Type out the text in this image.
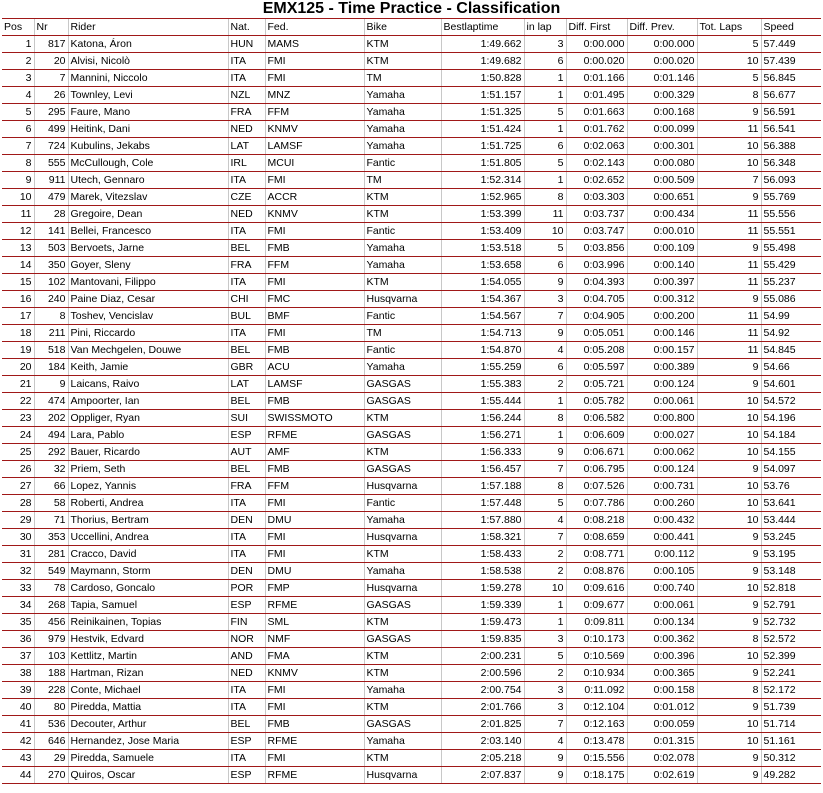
EMX125 - Time Practice - Classification
Pos	Nr	Rider	Nat.	Fed.	Bike	Bestlaptime	in lap	Diff. First	Diff. Prev.	Tot. Laps	Speed
1	817	Katona, Áron	HUN	MAMS	KTM	1:49.662	3	0:00.000	0:00.000	5	57.449
2	20	Alvisi, Nicolò	ITA	FMI	KTM	1:49.682	6	0:00.020	0:00.020	10	57.439
3	7	Mannini, Niccolo	ITA	FMI	TM	1:50.828	1	0:01.166	0:01.146	5	56.845
4	26	Townley, Levi	NZL	MNZ	Yamaha	1:51.157	1	0:01.495	0:00.329	8	56.677
5	295	Faure, Mano	FRA	FFM	Yamaha	1:51.325	5	0:01.663	0:00.168	9	56.591
6	499	Heitink, Dani	NED	KNMV	Yamaha	1:51.424	1	0:01.762	0:00.099	11	56.541
7	724	Kubulins, Jekabs	LAT	LAMSF	Yamaha	1:51.725	6	0:02.063	0:00.301	10	56.388
8	555	McCullough, Cole	IRL	MCUI	Fantic	1:51.805	5	0:02.143	0:00.080	10	56.348
9	911	Utech, Gennaro	ITA	FMI	TM	1:52.314	1	0:02.652	0:00.509	7	56.093
10	479	Marek, Vitezslav	CZE	ACCR	KTM	1:52.965	8	0:03.303	0:00.651	9	55.769
11	28	Gregoire, Dean	NED	KNMV	KTM	1:53.399	11	0:03.737	0:00.434	11	55.556
12	141	Bellei, Francesco	ITA	FMI	Fantic	1:53.409	10	0:03.747	0:00.010	11	55.551
13	503	Bervoets, Jarne	BEL	FMB	Yamaha	1:53.518	5	0:03.856	0:00.109	9	55.498
14	350	Goyer, Sleny	FRA	FFM	Yamaha	1:53.658	6	0:03.996	0:00.140	11	55.429
15	102	Mantovani, Filippo	ITA	FMI	KTM	1:54.055	9	0:04.393	0:00.397	11	55.237
16	240	Paine Diaz, Cesar	CHI	FMC	Husqvarna	1:54.367	3	0:04.705	0:00.312	9	55.086
17	8	Toshev, Vencislav	BUL	BMF	Fantic	1:54.567	7	0:04.905	0:00.200	11	54.99
18	211	Pini, Riccardo	ITA	FMI	TM	1:54.713	9	0:05.051	0:00.146	11	54.92
19	518	Van Mechgelen, Douwe	BEL	FMB	Fantic	1:54.870	4	0:05.208	0:00.157	11	54.845
20	184	Keith, Jamie	GBR	ACU	Yamaha	1:55.259	6	0:05.597	0:00.389	9	54.66
21	9	Laicans, Raivo	LAT	LAMSF	GASGAS	1:55.383	2	0:05.721	0:00.124	9	54.601
22	474	Ampoorter, Ian	BEL	FMB	GASGAS	1:55.444	1	0:05.782	0:00.061	10	54.572
23	202	Oppliger, Ryan	SUI	SWISSMOTO	KTM	1:56.244	8	0:06.582	0:00.800	10	54.196
24	494	Lara, Pablo	ESP	RFME	GASGAS	1:56.271	1	0:06.609	0:00.027	10	54.184
25	292	Bauer, Ricardo	AUT	AMF	KTM	1:56.333	9	0:06.671	0:00.062	10	54.155
26	32	Priem, Seth	BEL	FMB	GASGAS	1:56.457	7	0:06.795	0:00.124	9	54.097
27	66	Lopez, Yannis	FRA	FFM	Husqvarna	1:57.188	8	0:07.526	0:00.731	10	53.76
28	58	Roberti, Andrea	ITA	FMI	Fantic	1:57.448	5	0:07.786	0:00.260	10	53.641
29	71	Thorius, Bertram	DEN	DMU	Yamaha	1:57.880	4	0:08.218	0:00.432	10	53.444
30	353	Uccellini, Andrea	ITA	FMI	Husqvarna	1:58.321	7	0:08.659	0:00.441	9	53.245
31	281	Cracco, David	ITA	FMI	KTM	1:58.433	2	0:08.771	0:00.112	9	53.195
32	549	Maymann, Storm	DEN	DMU	Yamaha	1:58.538	2	0:08.876	0:00.105	9	53.148
33	78	Cardoso, Goncalo	POR	FMP	Husqvarna	1:59.278	10	0:09.616	0:00.740	10	52.818
34	268	Tapia, Samuel	ESP	RFME	GASGAS	1:59.339	1	0:09.677	0:00.061	9	52.791
35	456	Reinikainen, Topias	FIN	SML	KTM	1:59.473	1	0:09.811	0:00.134	9	52.732
36	979	Hestvik, Edvard	NOR	NMF	GASGAS	1:59.835	3	0:10.173	0:00.362	8	52.572
37	103	Kettlitz, Martin	AND	FMA	KTM	2:00.231	5	0:10.569	0:00.396	10	52.399
38	188	Hartman, Rizan	NED	KNMV	KTM	2:00.596	2	0:10.934	0:00.365	9	52.241
39	228	Conte, Michael	ITA	FMI	Yamaha	2:00.754	3	0:11.092	0:00.158	8	52.172
40	80	Piredda, Mattia	ITA	FMI	KTM	2:01.766	3	0:12.104	0:01.012	9	51.739
41	536	Decouter, Arthur	BEL	FMB	GASGAS	2:01.825	7	0:12.163	0:00.059	10	51.714
42	646	Hernandez, Jose Maria	ESP	RFME	Yamaha	2:03.140	4	0:13.478	0:01.315	10	51.161
43	29	Piredda, Samuele	ITA	FMI	KTM	2:05.218	9	0:15.556	0:02.078	9	50.312
44	270	Quiros, Oscar	ESP	RFME	Husqvarna	2:07.837	9	0:18.175	0:02.619	9	49.282
